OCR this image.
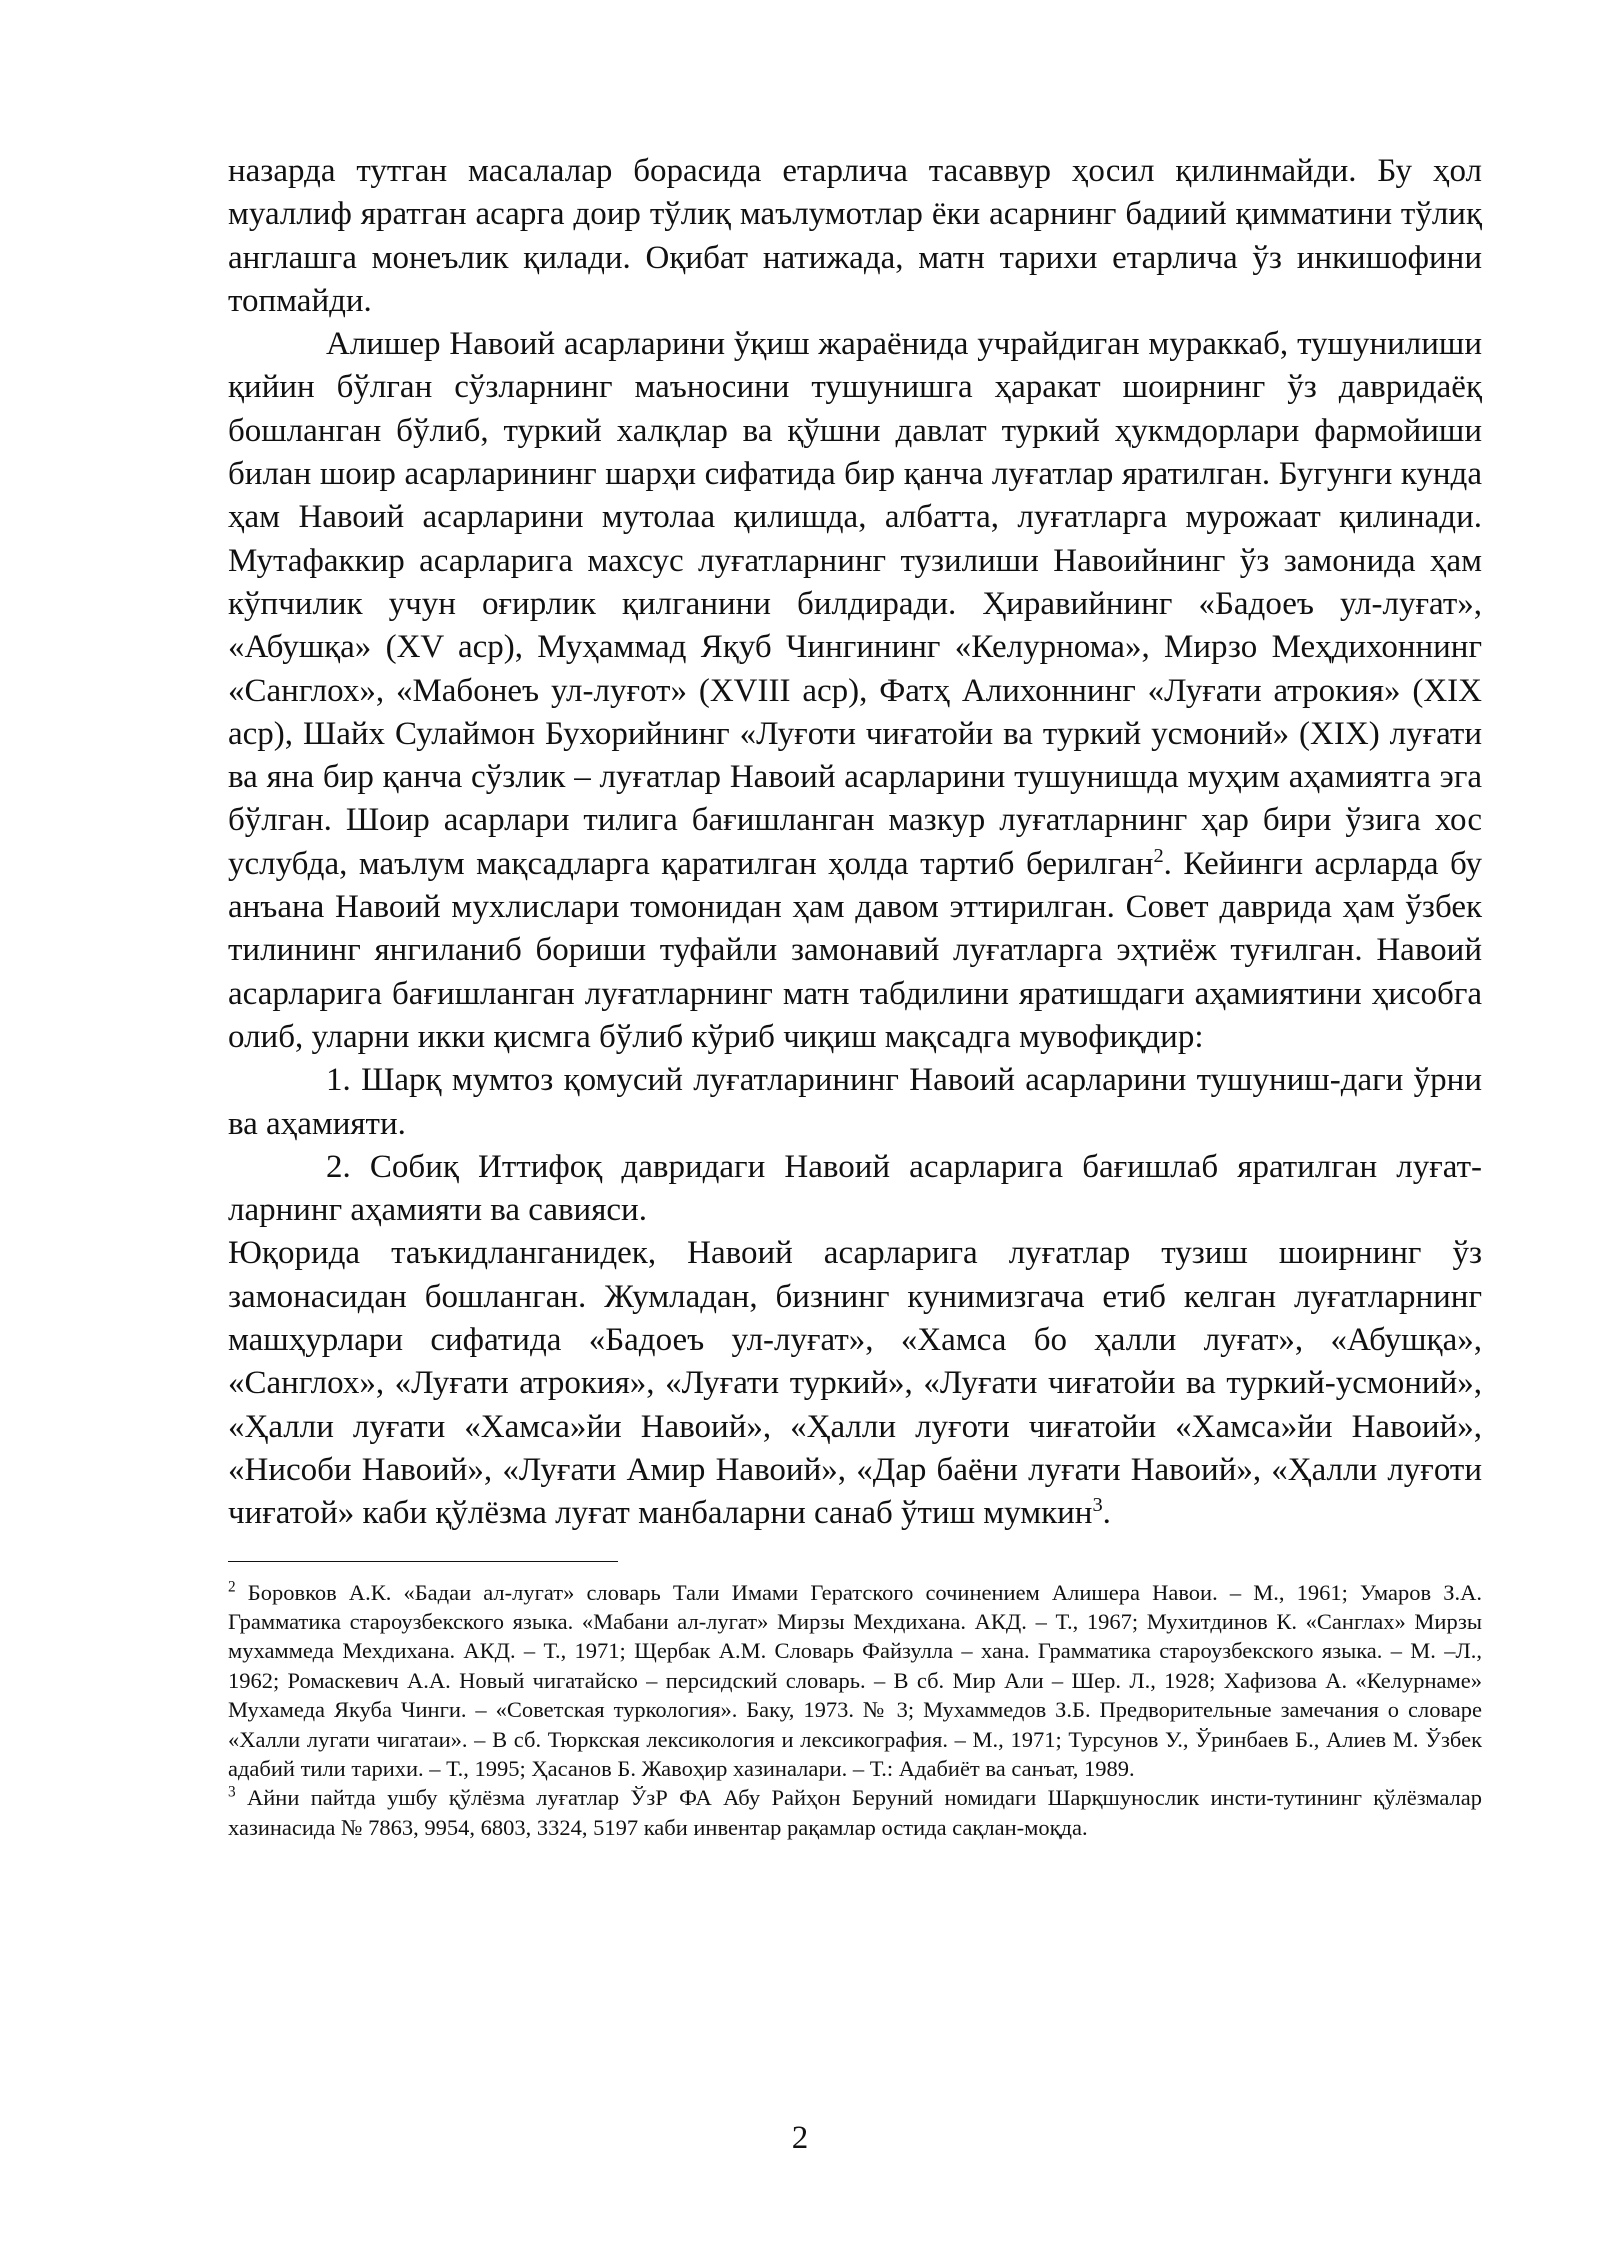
назарда тутган масалалар борасида етарлича тасаввур ҳосил қилинмайди. Бу ҳол муаллиф яратган асарга доир тўлиқ маълумотлар ёки асарнинг бадиий қимматини тўлиқ англашга монеълик қилади. Оқибат натижада, матн тарихи етарлича ўз инкишофини топмайди.

Алишер Навоий асарларини ўқиш жараёнида учрайдиган мураккаб, тушунилиши қийин бўлган сўзларнинг маъносини тушунишга ҳаракат шоирнинг ўз давридаёқ бошланган бўлиб, туркий халқлар ва қўшни давлат туркий ҳукмдорлари фармойиши билан шоир асарларининг шарҳи сифатида бир қанча луғатлар яратилган. Бугунги кунда ҳам Навоий асарларини мутолаа қилишда, албатта, луғатларга мурожаат қилинади. Мутафаккир асарларига махсус луғатларнинг тузилиши Навоийнинг ўз замонида ҳам кўпчилик учун оғирлик қилганини билдиради. Ҳиравийнинг «Бадоеъ ул-луғат», «Абушқа» (XV аср), Муҳаммад Яқуб Чингининг «Келурнома», Мирзо Меҳдихоннинг «Санглох», «Мабонеъ ул-луғот» (XVIII аср), Фатҳ Алихоннинг «Луғати атрокия» (XIX аср), Шайх Сулаймон Бухорийнинг «Луғоти чиғатойи ва туркий усмоний» (XIX) луғати ва яна бир қанча сўзлик – луғатлар Навоий асарларини тушунишда муҳим аҳамиятга эга бўлган. Шоир асарлари тилига бағишланган мазкур луғатларнинг ҳар бири ўзига хос услубда, маълум мақсадларга қаратилган ҳолда тартиб берилган$^2$. Кейинги асрларда бу анъана Навоий мухлислари томонидан ҳам давом эттирилган. Совет даврида ҳам ўзбек тилининг янгиланиб бориши туфайли замонавий луғатларга эҳтиёж туғилган. Навоий асарларига бағишланган луғатларнинг матн табдилини яратишдаги аҳамиятини ҳисобга олиб, уларни икки қисмга бўлиб кўриб чиқиш мақсадга мувофиқдир:

1. Шарқ мумтоз қомусий луғатларининг Навоий асарларини тушуниш-даги ўрни ва аҳамияти.

2. Собиқ Иттифоқ давридаги Навоий асарларига бағишлаб яратилган луғат-ларнинг аҳамияти ва савияси.

Юқорида таъкидланганидек, Навоий асарларига луғатлар тузиш шоирнинг ўз замонасидан бошланган. Жумладан, бизнинг кунимизгача етиб келган луғатларнинг машҳурлари сифатида «Бадоеъ ул-луғат», «Хамса бо ҳалли луғат», «Абушқа», «Санглох», «Луғати атрокия», «Луғати туркий», «Луғати чиғатойи ва туркий-усмоний», «Ҳалли луғати «Хамса»йи Навоий», «Ҳалли луғоти чиғатойи «Хамса»йи Навоий», «Нисоби Навоий», «Луғати Амир Навоий», «Дар баёни луғати Навоий», «Ҳалли луғоти чиғатой» каби қўлёзма луғат манбаларни санаб ўтиш мумкин$^3$.

$^2$ Боровков А.К. «Бадаи ал-лугат» словарь Тали Имами Гератского сочинением Алишера Навои. – М., 1961; Умаров З.А. Грамматика староузбекского языка. «Мабани ал-лугат» Мирзы Мехдихана. АКД. – Т., 1967; Мухитдинов К. «Санглах» Мирзы мухаммеда Мехдихана. АКД. – Т., 1971; Щербак А.М. Словарь Файзулла – хана. Грамматика староузбекского языка. – М. –Л., 1962; Ромаскевич А.А. Новый чигатайско – персидский словарь. – В сб. Мир Али – Шер. Л., 1928; Хафизова А. «Келурнаме» Мухамеда Якуба Чинги. – «Советская туркология». Баку, 1973. № 3; Мухаммедов З.Б. Предворительные замечания о словаре «Халли лугати чигатаи». – В сб. Тюркская лексикология и лексикография. – М., 1971; Турсунов У., Ўринбаев Б., Алиев М. Ўзбек адабий тили тарихи. – Т., 1995; Ҳасанов Б. Жавоҳир хазиналари. – Т.: Адабиёт ва санъат, 1989.

$^3$ Айни пайтда ушбу қўлёзма луғатлар ЎзР ФА Абу Райҳон Беруний номидаги Шарқшунослик инсти-тутининг қўлёзмалар хазинасида № 7863, 9954, 6803, 3324, 5197 каби инвентар рақамлар остида сақлан-моқда.

2
